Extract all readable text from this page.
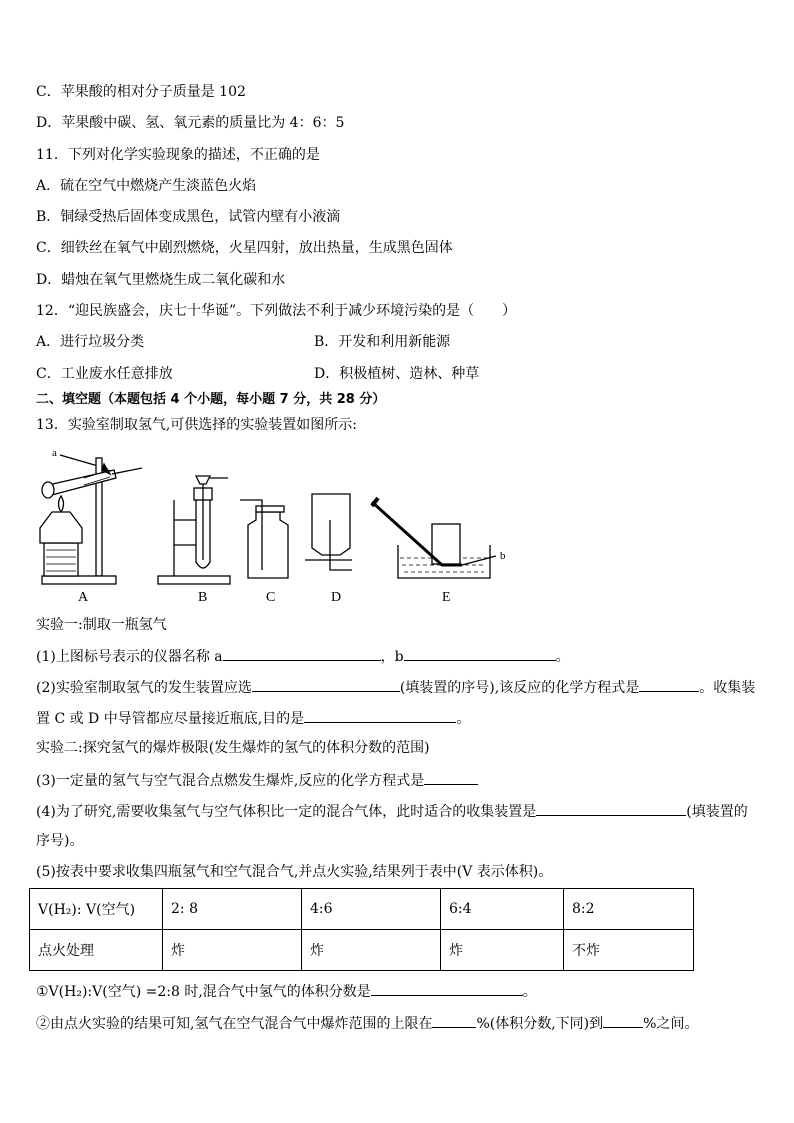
C．苹果酸的相对分子质量是 102
D．苹果酸中碳、氢、氧元素的质量比为 4：6：5
11．下列对化学实验现象的描述，不正确的是
A．硫在空气中燃烧产生淡蓝色火焰
B．铜绿受热后固体变成黑色，试管内壁有小液滴
C．细铁丝在氧气中剧烈燃烧，火星四射，放出热量，生成黑色固体
D．蜡烛在氧气里燃烧生成二氧化碳和水
12．“迎民族盛会，庆七十华诞”。下列做法不利于减少环境污染的是（　　）
A．进行垃圾分类	B．开发和利用新能源
C．工业废水任意排放	D．积极植树、造林、种草
二、填空题（本题包括 4 个小题，每小题 7 分，共 28 分）
13．实验室制取氢气,可供选择的实验装置如图所示:
a
b
A	B	C	D	E
实验一:制取一瓶氢气
(1)上图标号表示的仪器名称 a	，b	。
(2)实验室制取氢气的发生装置应选	(填装置的序号),该反应的化学方程式是	。收集装
置 C 或 D 中导管都应尽量接近瓶底,目的是	。
实验二:探究氢气的爆炸极限(发生爆炸的氢气的体积分数的范围)
(3)一定量的氢气与空气混合点燃发生爆炸,反应的化学方程式是
(4)为了研究,需要收集氢气与空气体积比一定的混合气体，此时适合的收集装置是	(填装置的
序号)。
(5)按表中要求收集四瓶氢气和空气混合气,并点火实验,结果列于表中(V 表示体积)。
V(H₂): V(空气)	2: 8	4:6	6:4	8:2
点火处理	炸	炸	炸	不炸
①V(H₂):V(空气) =2:8 时,混合气中氢气的体积分数是	。
②由点火实验的结果可知,氢气在空气混合气中爆炸范围的上限在	%(体积分数,下同)到	%之间。
